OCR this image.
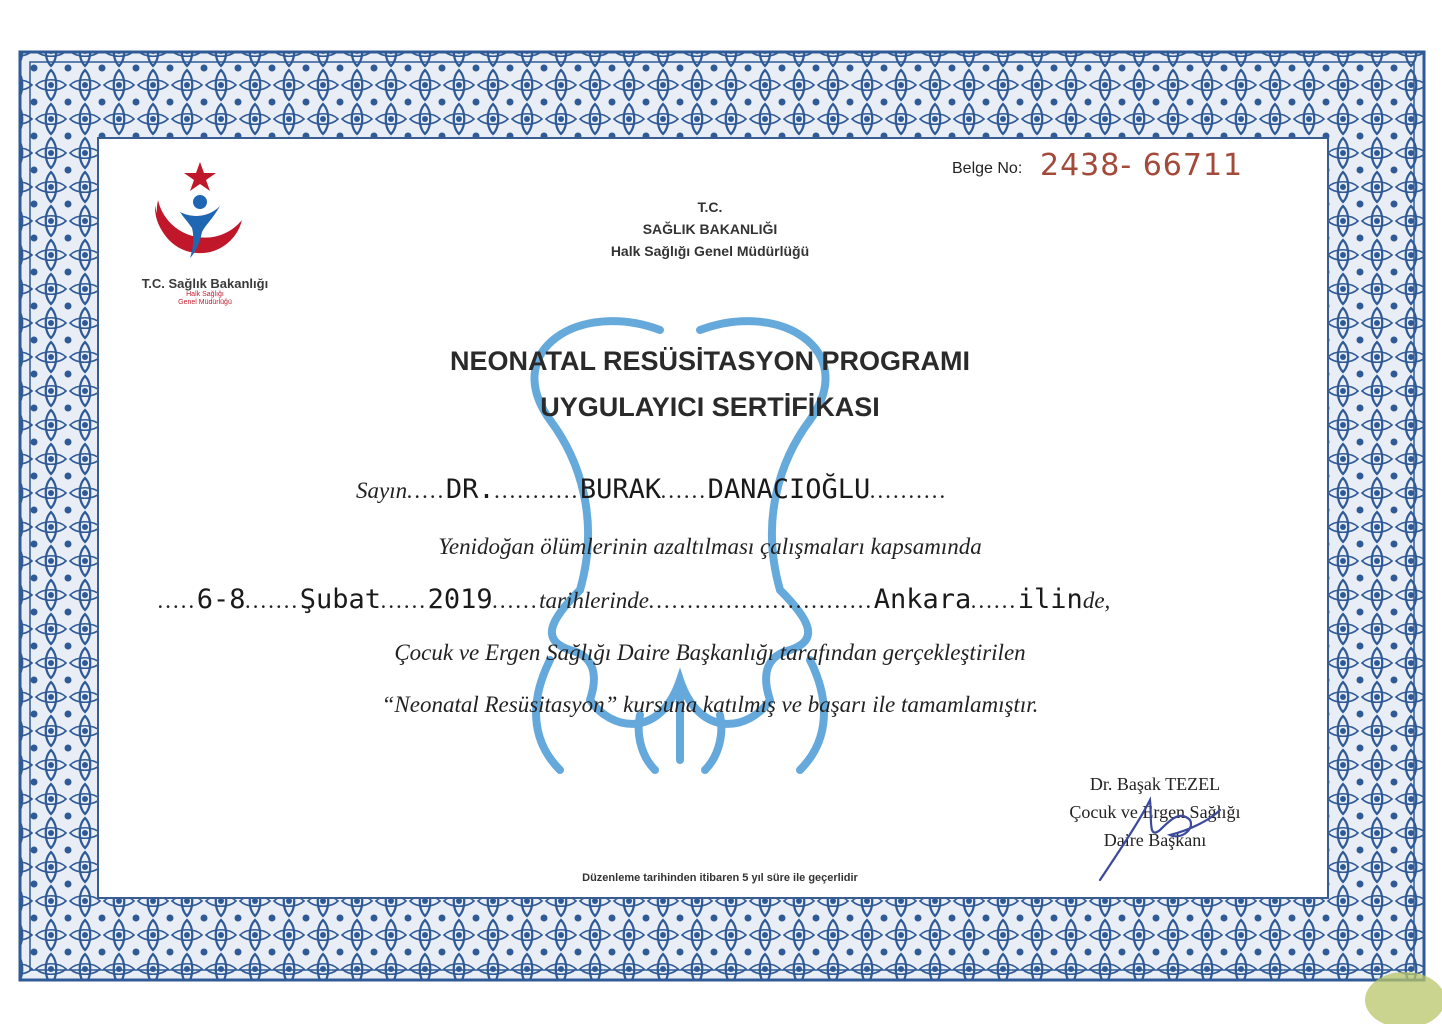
Belge No: 2438- 66711
T.C. Sağlık Bakanlığı
Halk Sağlığı
Genel Müdürlüğü
T.C.
SAĞLIK BAKANLIĞI
Halk Sağlığı Genel Müdürlüğü
NEONATAL RESÜSİTASYON PROGRAMI
UYGULAYICI SERTİFİKASI
Sayın.....DR............BURAK......DANACIOĞLU..........
Yenidoğan ölümlerinin azaltılması çalışmaları kapsamında
.....6-8.......Şubat......2019......tarihlerinde.............................Ankara......ilinde,
Çocuk ve Ergen Sağlığı Daire Başkanlığı tarafından gerçekleştirilen
“Neonatal Resüsitasyon” kursuna katılmış ve başarı ile tamamlamıştır.
Dr. Başak TEZEL
Çocuk ve Ergen Sağlığı
Daire Başkanı
Düzenleme tarihinden itibaren 5 yıl süre ile geçerlidir
